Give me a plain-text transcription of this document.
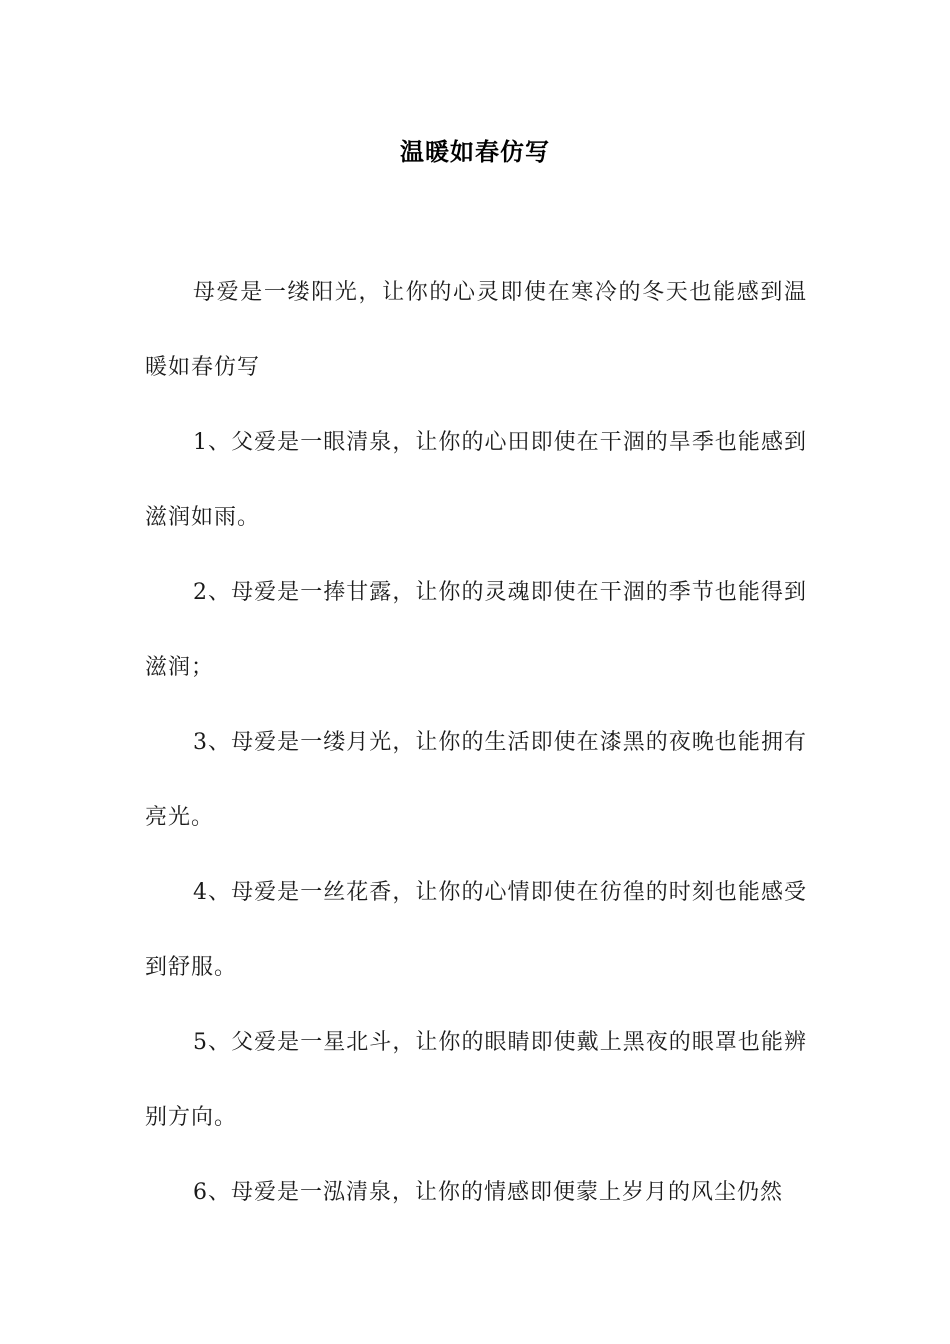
温暖如春仿写

母爱是一缕阳光，让你的心灵即使在寒冷的冬天也能感到温暖如春仿写

1、父爱是一眼清泉，让你的心田即使在干涸的旱季也能感到滋润如雨。

2、母爱是一捧甘露，让你的灵魂即使在干涸的季节也能得到滋润；

3、母爱是一缕月光，让你的生活即使在漆黑的夜晚也能拥有亮光。

4、母爱是一丝花香，让你的心情即使在彷徨的时刻也能感受到舒服。

5、父爱是一星北斗，让你的眼睛即使戴上黑夜的眼罩也能辨别方向。

6、母爱是一泓清泉，让你的情感即便蒙上岁月的风尘仍然
